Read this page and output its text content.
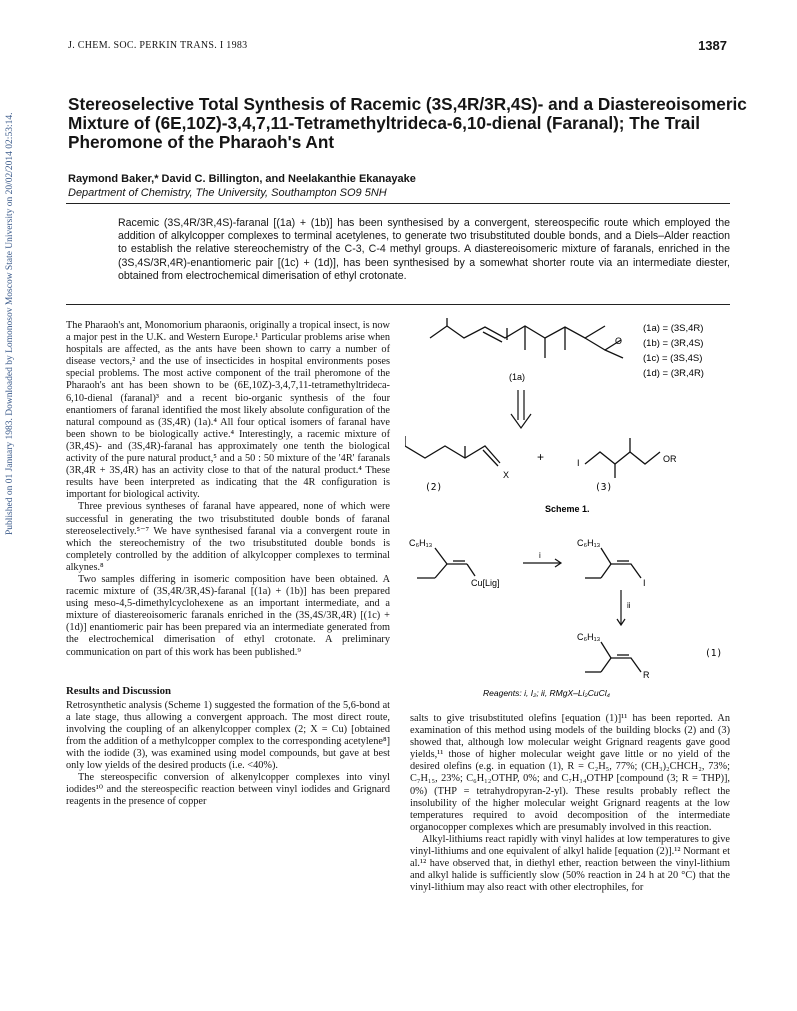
Published on 01 January 1983. Downloaded by Lomonosov Moscow State University on 20/02/2014 02:53:14.
J. CHEM. SOC. PERKIN TRANS. I 1983	1387
Stereoselective Total Synthesis of Racemic (3S,4R/3R,4S)- and a Diastereoisomeric Mixture of (6E,10Z)-3,4,7,11-Tetramethyltrideca-6,10-dienal (Faranal); The Trail Pheromone of the Pharaoh's Ant
Raymond Baker,* David C. Billington, and Neelakanthie Ekanayake
Department of Chemistry, The University, Southampton SO9 5NH
Racemic (3S,4R/3R,4S)-faranal [(1a) + (1b)] has been synthesised by a convergent, stereospecific route which employed the addition of alkylcopper complexes to terminal acetylenes, to generate two trisubstituted double bonds, and a Diels–Alder reaction to establish the relative stereochemistry of the C-3, C-4 methyl groups. A diastereoisomeric mixture of faranals, enriched in the (3S,4S/3R,4R)-enantiomeric pair [(1c) + (1d)], has been synthesised by a somewhat shorter route via an intermediate diester, obtained from electrochemical dimerisation of ethyl crotonate.

The Pharaoh's ant, Monomorium pharaonis, originally a tropical insect, is now a major pest in the U.K. and Western Europe.¹ Particular problems arise when hospitals are affected, as the ants have been shown to carry a number of disease vectors,² and the use of insecticides in hospital environments poses special problems. The most active component of the trail pheromone of the Pharaoh's ant has been shown to be (6E,10Z)-3,4,7,11-tetramethyltrideca-6,10-dienal (faranal)³ and a recent bio-organic synthesis of the four enantiomers of faranal identified the most likely absolute configuration of the natural compound as (3S,4R) (1a).⁴ All four optical isomers of faranal have been shown to be biologically active.⁴ Interestingly, a racemic mixture of (3R,4S)- and (3S,4R)-faranal has approximately one tenth the biological activity of the pure natural product,⁵ and a 50 : 50 mixture of the '4R' faranals (3R,4R + 3S,4R) has an activity close to that of the natural product.⁴ These results have been interpreted as indicating that the 4R configuration is important for biological activity.

Three previous syntheses of faranal have appeared, none of which were successful in generating the two trisubstituted double bonds of faranal stereoselectively.⁵⁻⁷ We have synthesised faranal via a convergent route in which the stereochemistry of the two trisubstituted double bonds is completely controlled by the addition of alkylcopper complexes to terminal alkynes.⁸

Two samples differing in isomeric composition have been obtained. A racemic mixture of (3S,4R/3R,4S)-faranal [(1a) + (1b)] has been prepared using meso-4,5-dimethylcyclohexene as an important intermediate, and a mixture of diastereoisomeric faranals enriched in the (3S,4S/3R,4R) [(1c) + (1d)] enantiomeric pair has been prepared via an intermediate generated from the electrochemical dimerisation of ethyl crotonate. A preliminary communication on part of this work has been published.⁹

Results and Discussion

Retrosynthetic analysis (Scheme 1) suggested the formation of the 5,6-bond at a late stage, thus allowing a convergent approach. The most direct route, involving the coupling of an alkenylcopper complex (2; X = Cu) [obtained from the addition of a methylcopper complex to the corresponding acetylene⁸] with the iodide (3), was examined using model compounds, but gave at best only low yields of the desired products (i.e. <40%).

The stereospecific conversion of alkenylcopper complexes into vinyl iodides¹⁰ and the stereospecific reaction between vinyl iodides and Grignard reagents in the presence of copper

salts to give trisubstituted olefins [equation (1)]¹¹ has been reported. An examination of this method using models of the building blocks (2) and (3) showed that, although low molecular weight Grignard reagents gave good yields,¹¹ those of higher molecular weight gave little or no yield of the desired olefins (e.g. in equation (1), R = C₂H₅, 77%; (CH₃)₂CHCH₂, 73%; C₇H₁₅, 23%; C₆H₁₂OTHP, 0%; and C₇H₁₄OTHP [compound (3; R = THP)], 0%) (THP = tetrahydropyran-2-yl). These results probably reflect the insolubility of the higher molecular weight Grignard reagents at the low temperatures required to avoid decomposition of the intermediate organocopper complexes which are presumably involved in this reaction.

Alkyl-lithiums react rapidly with vinyl halides at low temperatures to give vinyl-lithiums and one equivalent of alkyl halide [equation (2)].¹² Normant et al.¹² have observed that, in diethyl ether, reaction between the vinyl-lithium and alkyl halide is sufficiently slow (50% reaction in 24 h at 20 °C) that the vinyl-lithium may also react with other electrophiles, for

O
(1a)
(1a) = (3S,4R)
(1b) = (3R,4S)
(1c) = (3S,4S)
(1d) = (3R,4R)
X
+	I	OR
(2)	(3)
Scheme 1.
C₆H₁₃
Cu[Lig]
i
C₆H₁₃
I
ii
C₆H₁₃
R
(1)
Reagents: i, I₂; ii, RMgX–Li₂CuCl₄
